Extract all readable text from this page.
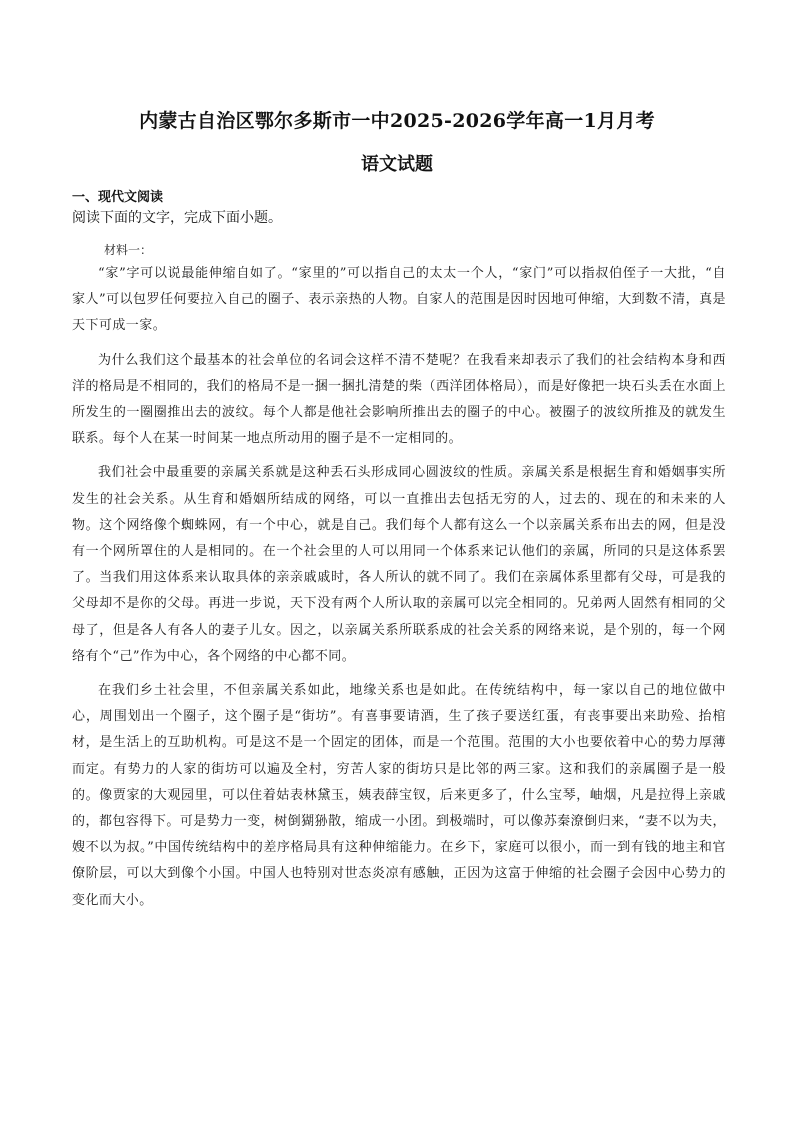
内蒙古自治区鄂尔多斯市一中2025-2026学年高一1月月考
语文试题
一、现代文阅读
阅读下面的文字，完成下面小题。
材料一：

“家”字可以说最能伸缩自如了。“家里的”可以指自己的太太一个人，“家门”可以指叔伯侄子一大批，“自家人”可以包罗任何要拉入自己的圈子、表示亲热的人物。自家人的范围是因时因地可伸缩，大到数不清，真是天下可成一家。

为什么我们这个最基本的社会单位的名词会这样不清不楚呢？在我看来却表示了我们的社会结构本身和西洋的格局是不相同的，我们的格局不是一捆一捆扎清楚的柴（西洋团体格局），而是好像把一块石头丢在水面上所发生的一圈圈推出去的波纹。每个人都是他社会影响所推出去的圈子的中心。被圈子的波纹所推及的就发生联系。每个人在某一时间某一地点所动用的圈子是不一定相同的。

我们社会中最重要的亲属关系就是这种丢石头形成同心圆波纹的性质。亲属关系是根据生育和婚姻事实所发生的社会关系。从生育和婚姻所结成的网络，可以一直推出去包括无穷的人，过去的、现在的和未来的人物。这个网络像个蜘蛛网，有一个中心，就是自己。我们每个人都有这么一个以亲属关系布出去的网，但是没有一个网所罩住的人是相同的。在一个社会里的人可以用同一个体系来记认他们的亲属，所同的只是这体系罢了。当我们用这体系来认取具体的亲亲戚戚时，各人所认的就不同了。我们在亲属体系里都有父母，可是我的父母却不是你的父母。再进一步说，天下没有两个人所认取的亲属可以完全相同的。兄弟两人固然有相同的父母了，但是各人有各人的妻子儿女。因之，以亲属关系所联系成的社会关系的网络来说，是个别的，每一个网络有个“己”作为中心，各个网络的中心都不同。

在我们乡土社会里，不但亲属关系如此，地缘关系也是如此。在传统结构中，每一家以自己的地位做中心，周围划出一个圈子，这个圈子是“街坊”。有喜事要请酒，生了孩子要送红蛋，有丧事要出来助殓、抬棺材，是生活上的互助机构。可是这不是一个固定的团体，而是一个范围。范围的大小也要依着中心的势力厚薄而定。有势力的人家的街坊可以遍及全村，穷苦人家的街坊只是比邻的两三家。这和我们的亲属圈子是一般的。像贾家的大观园里，可以住着姑表林黛玉，姨表薛宝钗，后来更多了，什么宝琴，岫烟，凡是拉得上亲戚的，都包容得下。可是势力一变，树倒猢狲散，缩成一小团。到极端时，可以像苏秦潦倒归来，“妻不以为夫，嫂不以为叔。”中国传统结构中的差序格局具有这种伸缩能力。在乡下，家庭可以很小，而一到有钱的地主和官僚阶层，可以大到像个小国。中国人也特别对世态炎凉有感触，正因为这富于伸缩的社会圈子会因中心势力的变化而大小。
